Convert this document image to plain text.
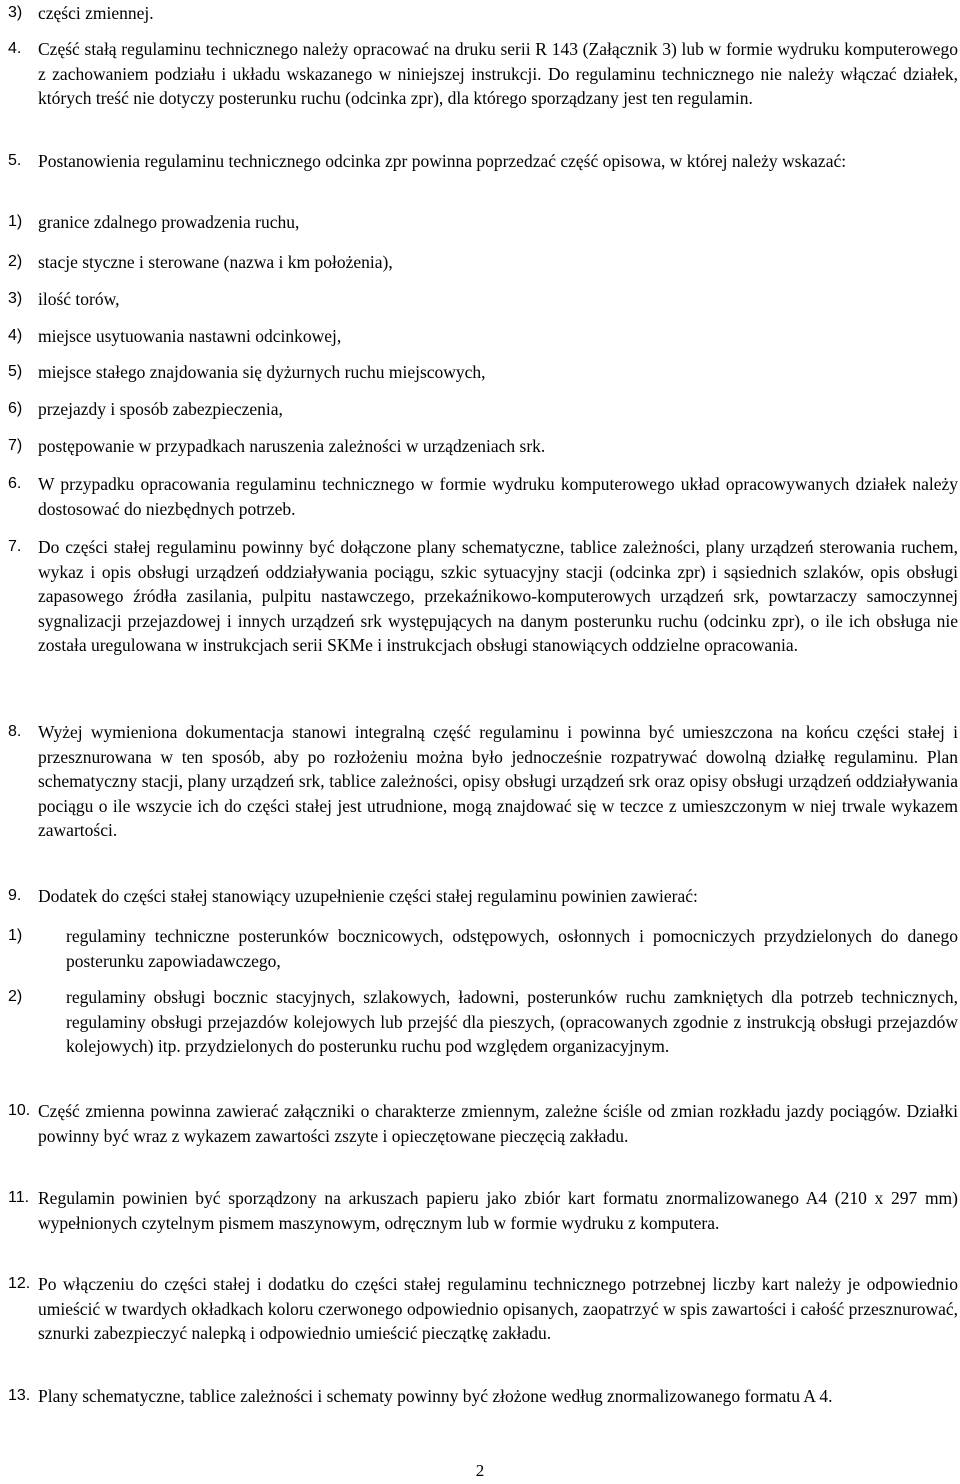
3) części zmiennej.
4. Część stałą regulaminu technicznego należy opracować na druku serii R 143 (Załącznik 3) lub w formie wydruku komputerowego z zachowaniem podziału i układu wskazanego w niniejszej instrukcji. Do regulaminu technicznego nie należy włączać działek, których treść nie dotyczy posterunku ruchu (odcinka zpr), dla którego sporządzany jest ten regulamin.
5. Postanowienia regulaminu technicznego odcinka zpr powinna poprzedzać część opisowa, w której należy wskazać:
1) granice zdalnego prowadzenia ruchu,
2) stacje styczne i sterowane (nazwa i km położenia),
3) ilość torów,
4) miejsce usytuowania nastawni odcinkowej,
5) miejsce stałego znajdowania się dyżurnych ruchu miejscowych,
6) przejazdy i sposób zabezpieczenia,
7) postępowanie w przypadkach naruszenia zależności w urządzeniach srk.
6. W przypadku opracowania regulaminu technicznego w formie wydruku komputerowego układ opracowywanych działek należy dostosować do niezbędnych potrzeb.
7. Do części stałej regulaminu powinny być dołączone plany schematyczne, tablice zależności, plany urządzeń sterowania ruchem, wykaz i opis obsługi urządzeń oddziaływania pociągu, szkic sytuacyjny stacji (odcinka zpr) i sąsiednich szlaków, opis obsługi zapasowego źródła zasilania, pulpitu nastawczego, przekaźnikowo-komputerowych urządzeń srk, powtarzaczy samoczynnej sygnalizacji przejazdowej i innych urządzeń srk występujących na danym posterunku ruchu (odcinku zpr), o ile ich obsługa nie została uregulowana w instrukcjach serii SKMe i instrukcjach obsługi stanowiących oddzielne opracowania.
8. Wyżej wymieniona dokumentacja stanowi integralną część regulaminu i powinna być umieszczona na końcu części stałej i przesznurowana w ten sposób, aby po rozłożeniu można było jednocześnie rozpatrywać dowolną działkę regulaminu. Plan schematyczny stacji, plany urządzeń srk, tablice zależności, opisy obsługi urządzeń srk oraz opisy obsługi urządzeń oddziaływania pociągu o ile wszycie ich do części stałej jest utrudnione, mogą znajdować się w teczce z umieszczonym w niej trwale wykazem zawartości.
9. Dodatek do części stałej stanowiący uzupełnienie części stałej regulaminu powinien zawierać:
1)	regulaminy techniczne posterunków bocznicowych, odstępowych, osłonnych i pomocniczych przydzielonych do danego posterunku zapowiadawczego,
2)	regulaminy obsługi bocznic stacyjnych, szlakowych, ładowni, posterunków ruchu zamkniętych dla potrzeb technicznych, regulaminy obsługi przejazdów kolejowych lub przejść dla pieszych, (opracowanych zgodnie z instrukcją obsługi przejazdów kolejowych) itp. przydzielonych do posterunku ruchu pod względem organizacyjnym.
10. Część zmienna powinna zawierać załączniki o charakterze zmiennym, zależne ściśle od zmian rozkładu jazdy pociągów. Działki powinny być wraz z wykazem zawartości zszyte i opieczętowane pieczęcią zakładu.
11. Regulamin powinien być sporządzony na arkuszach papieru jako zbiór kart formatu znormalizowanego A4 (210 x 297 mm) wypełnionych czytelnym pismem maszynowym, odręcznym lub w formie wydruku z komputera.
12. Po włączeniu do części stałej i dodatku do części stałej regulaminu technicznego potrzebnej liczby kart należy je odpowiednio umieścić w twardych okładkach koloru czerwonego odpowiednio opisanych, zaopatrzyć w spis zawartości i całość przesznurować, sznurki zabezpieczyć nalepką i odpowiednio umieścić pieczątkę zakładu.
13. Plany schematyczne, tablice zależności i schematy powinny być złożone według znormalizowanego formatu A 4.
2
